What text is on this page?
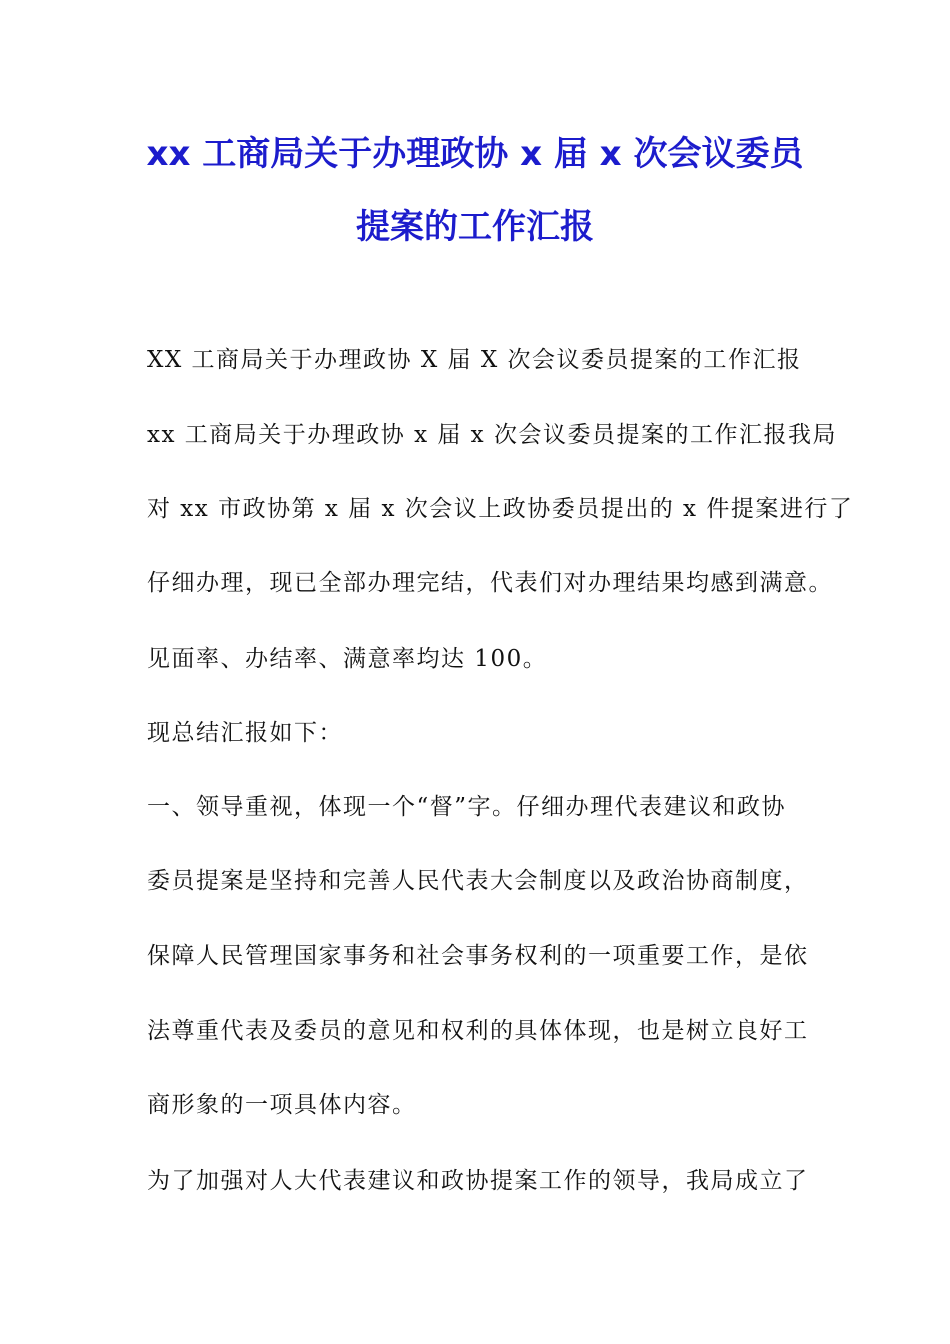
xx 工商局关于办理政协 x 届 x 次会议委员
提案的工作汇报
XX 工商局关于办理政协 X 届 X 次会议委员提案的工作汇报
xx 工商局关于办理政协 x 届 x 次会议委员提案的工作汇报我局
对 xx 市政协第 x 届 x 次会议上政协委员提出的 x 件提案进行了
仔细办理，现已全部办理完结，代表们对办理结果均感到满意。
见面率、办结率、满意率均达 100。
现总结汇报如下：
一、领导重视，体现一个“督”字。仔细办理代表建议和政协
委员提案是坚持和完善人民代表大会制度以及政治协商制度，
保障人民管理国家事务和社会事务权利的一项重要工作，是依
法尊重代表及委员的意见和权利的具体体现，也是树立良好工
商形象的一项具体内容。
为了加强对人大代表建议和政协提案工作的领导，我局成立了
